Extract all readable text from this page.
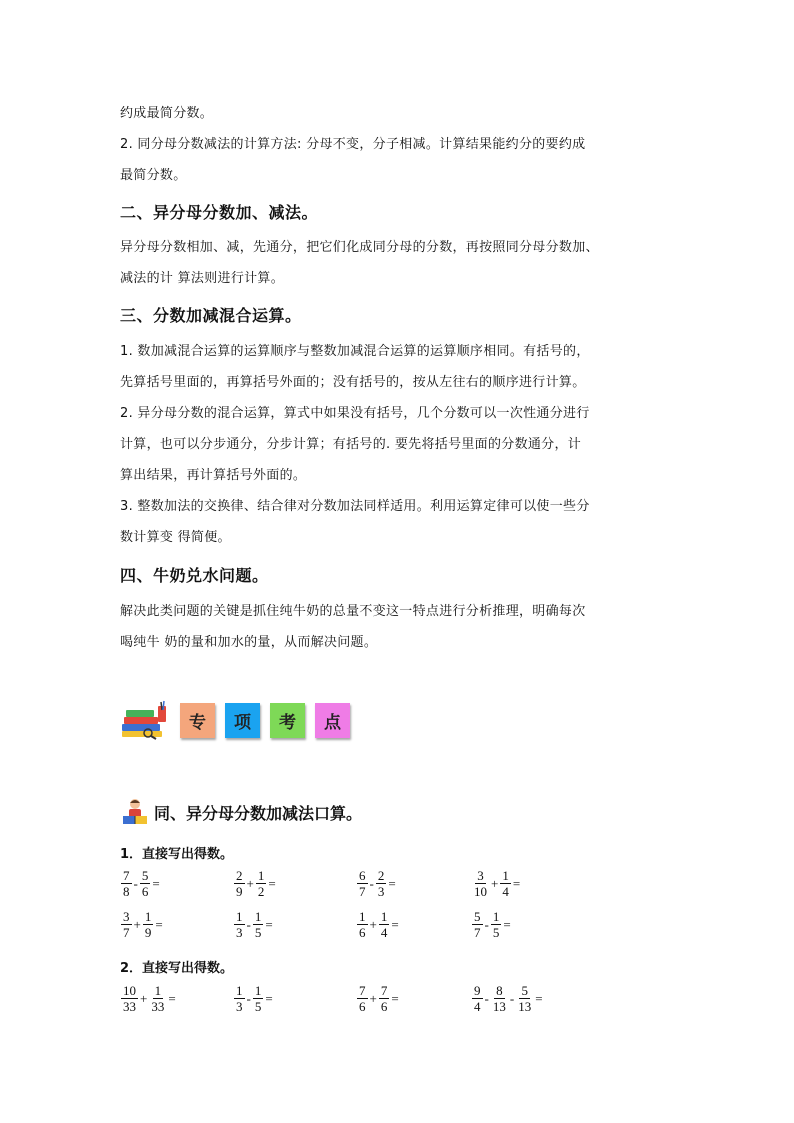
约成最简分数。

2. 同分母分数减法的计算方法: 分母不变，分子相减。计算结果能约分的要约成

最简分数。

二、异分母分数加、减法。

异分母分数相加、减，先通分，把它们化成同分母的分数，再按照同分母分数加、

减法的计 算法则进行计算。

三、分数加减混合运算。

1. 数加减混合运算的运算顺序与整数加减混合运算的运算顺序相同。有括号的，

先算括号里面的，再算括号外面的；没有括号的，按从左往右的顺序进行计算。

2. 异分母分数的混合运算，算式中如果没有括号，几个分数可以一次性通分进行

计算，也可以分步通分，分步计算；有括号的. 要先将括号里面的分数通分，计

算出结果，再计算括号外面的。

3. 整数加法的交换律、结合律对分数加法同样适用。利用运算定律可以使一些分

数计算变 得简便。

四、牛奶兑水问题。

解决此类问题的关键是抓住纯牛奶的总量不变这一特点进行分析推理，明确每次

喝纯牛 奶的量和加水的量，从而解决问题。

专	项	考	点
同、异分母分数加减法口算。
1．直接写出得数。
2．直接写出得数。
$\frac{7}{8} - \frac{5}{6}$ =	$\frac{2}{9} + \frac{1}{2}$ =	$\frac{6}{7} - \frac{2}{3}$ =	$\frac{3}{10} + \frac{1}{4}$ =
$\frac{3}{7} + \frac{1}{9}$ =	$\frac{1}{3} - \frac{1}{5}$ =	$\frac{1}{6} + \frac{1}{4}$ =	$\frac{5}{7} - \frac{1}{5}$ =
$\frac{10}{33} + \frac{1}{33}$ =	$\frac{1}{3} - \frac{1}{5}$ =	$\frac{7}{6} + \frac{7}{6}$ =	$\frac{9}{4} - \frac{8}{13} - \frac{5}{13}$ =
